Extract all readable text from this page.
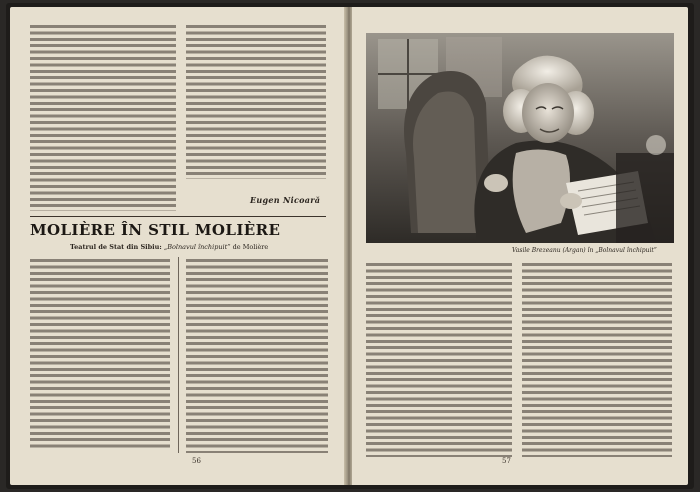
Eugen Nicoară
MOLIÈRE ÎN STIL MOLIÈRE
Teatrul de Stat din Sibiu: „Bolnavul închipuit” de Molière
56
Vasile Brezeanu (Argan) în „Bolnavul închipuit”
57
